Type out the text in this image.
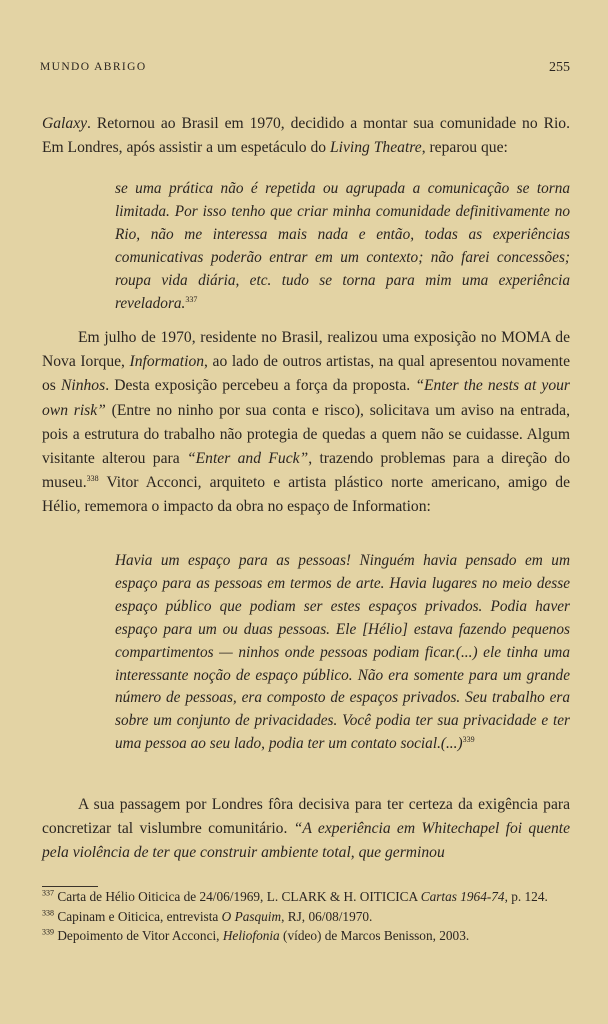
MUNDO ABRIGO	255

Galaxy. Retornou ao Brasil em 1970, decidido a montar sua comunidade no Rio. Em Londres, após assistir a um espetáculo do Living Theatre, reparou que:

se uma prática não é repetida ou agrupada a comunicação se torna limitada. Por isso tenho que criar minha comunidade definitivamente no Rio, não me interessa mais nada e então, todas as experiências comunicativas poderão entrar em um contexto; não farei concessões; roupa vida diária, etc. tudo se torna para mim uma experiência reveladora.$^{337}$

Em julho de 1970, residente no Brasil, realizou uma exposição no MOMA de Nova Iorque, Information, ao lado de outros artistas, na qual apresentou novamente os Ninhos. Desta exposição percebeu a força da proposta. “Enter the nests at your own risk” (Entre no ninho por sua conta e risco), solicitava um aviso na entrada, pois a estrutura do trabalho não protegia de quedas a quem não se cuidasse. Algum visitante alterou para “Enter and Fuck”, trazendo problemas para a direção do museu.$^{338}$ Vitor Acconci, arquiteto e artista plástico norte americano, amigo de Hélio, rememora o impacto da obra no espaço de Information:

Havia um espaço para as pessoas! Ninguém havia pensado em um espaço para as pessoas em termos de arte. Havia lugares no meio desse espaço público que podiam ser estes espaços privados. Podia haver espaço para um ou duas pessoas. Ele [Hélio] estava fazendo pequenos compartimentos — ninhos onde pessoas podiam ficar.(...) ele tinha uma interessante noção de espaço público. Não era somente para um grande número de pessoas, era composto de espaços privados. Seu trabalho era sobre um conjunto de privacidades. Você podia ter sua privacidade e ter uma pessoa ao seu lado, podia ter um contato social.(...)$^{339}$

A sua passagem por Londres fôra decisiva para ter certeza da exigência para concretizar tal vislumbre comunitário. “A experiência em Whitechapel foi quente pela violência de ter que construir ambiente total, que germinou

$^{337}$ Carta de Hélio Oiticica de 24/06/1969, L. CLARK & H. OITICICA Cartas 1964-74, p. 124.

$^{338}$ Capinam e Oiticica, entrevista O Pasquim, RJ, 06/08/1970.

$^{339}$ Depoimento de Vitor Acconci, Heliofonia (vídeo) de Marcos Benisson, 2003.
